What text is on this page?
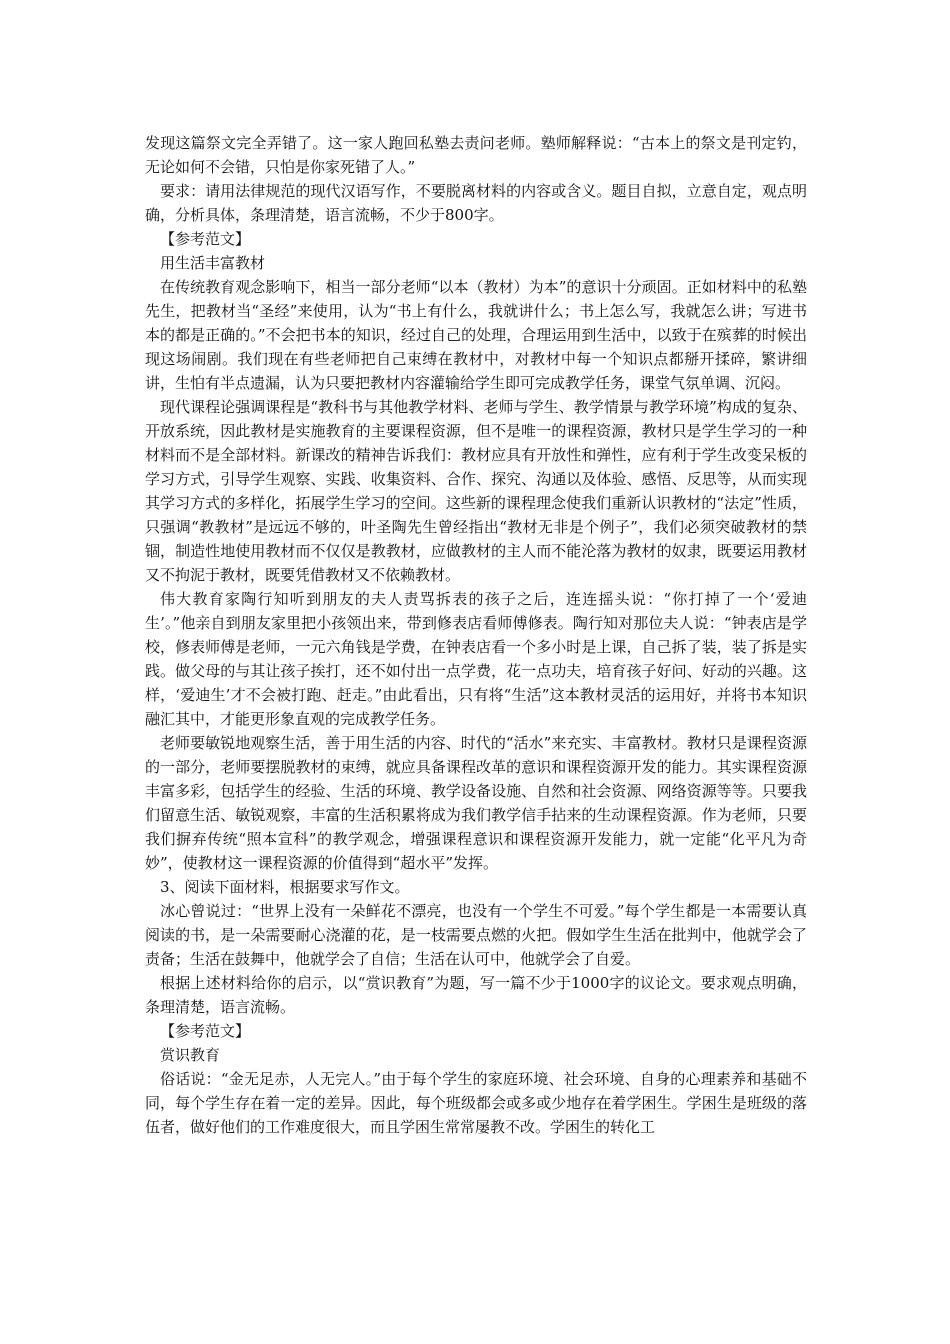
发现这篇祭文完全弄错了。这一家人跑回私塾去责问老师。塾师解释说：“古本上的祭文是刊定钓，无论如何不会错，只怕是你家死错了人。”

要求：请用法律规范的现代汉语写作，不要脱离材料的内容或含义。题目自拟，立意自定，观点明确，分析具体，条理清楚，语言流畅，不少于800字。

【参考范文】

用生活丰富教材

在传统教育观念影响下，相当一部分老师“以本（教材）为本”的意识十分顽固。正如材料中的私塾先生，把教材当“圣经”来使用，认为“书上有什么，我就讲什么；书上怎么写，我就怎么讲；写进书本的都是正确的。”不会把书本的知识，经过自己的处理，合理运用到生活中，以致于在殡葬的时候出现这场闹剧。我们现在有些老师把自己束缚在教材中，对教材中每一个知识点都掰开揉碎，繁讲细讲，生怕有半点遗漏，认为只要把教材内容灌输给学生即可完成教学任务，课堂气氛单调、沉闷。

现代课程论强调课程是“教科书与其他教学材料、老师与学生、教学情景与教学环境”构成的复杂、开放系统，因此教材是实施教育的主要课程资源，但不是唯一的课程资源，教材只是学生学习的一种材料而不是全部材料。新课改的精神告诉我们：教材应具有开放性和弹性，应有利于学生改变呆板的学习方式，引导学生观察、实践、收集资料、合作、探究、沟通以及体验、感悟、反思等，从而实现其学习方式的多样化，拓展学生学习的空间。这些新的课程理念使我们重新认识教材的“法定”性质，只强调“教教材”是远远不够的，叶圣陶先生曾经指出“教材无非是个例子”，我们必须突破教材的禁锢，制造性地使用教材而不仅仅是教教材，应做教材的主人而不能沦落为教材的奴隶，既要运用教材又不拘泥于教材，既要凭借教材又不依赖教材。

伟大教育家陶行知听到朋友的夫人责骂拆表的孩子之后，连连摇头说：“你打掉了一个‘爱迪生’。”他亲自到朋友家里把小孩领出来，带到修表店看师傅修表。陶行知对那位夫人说：“钟表店是学校，修表师傅是老师，一元六角钱是学费，在钟表店看一个多小时是上课，自己拆了装，装了拆是实践。做父母的与其让孩子挨打，还不如付出一点学费，花一点功夫，培育孩子好问、好动的兴趣。这样，‘爱迪生’才不会被打跑、赶走。”由此看出，只有将“生活”这本教材灵活的运用好，并将书本知识融汇其中，才能更形象直观的完成教学任务。

老师要敏锐地观察生活，善于用生活的内容、时代的“活水”来充实、丰富教材。教材只是课程资源的一部分，老师要摆脱教材的束缚，就应具备课程改革的意识和课程资源开发的能力。其实课程资源丰富多彩，包括学生的经验、生活的环境、教学设备设施、自然和社会资源、网络资源等等。只要我们留意生活、敏锐观察，丰富的生活积累将成为我们教学信手拈来的生动课程资源。作为老师，只要我们摒弃传统“照本宣科”的教学观念，增强课程意识和课程资源开发能力，就一定能“化平凡为奇妙”，使教材这一课程资源的价值得到“超水平”发挥。

3、阅读下面材料，根据要求写作文。

冰心曾说过：“世界上没有一朵鲜花不漂亮，也没有一个学生不可爱。”每个学生都是一本需要认真阅读的书，是一朵需要耐心浇灌的花，是一枝需要点燃的火把。假如学生生活在批判中，他就学会了责备；生活在鼓舞中，他就学会了自信；生活在认可中，他就学会了自爱。

根据上述材料给你的启示，以“赏识教育”为题，写一篇不少于1000字的议论文。要求观点明确，条理清楚，语言流畅。

【参考范文】

赏识教育

俗话说：“金无足赤，人无完人。”由于每个学生的家庭环境、社会环境、自身的心理素养和基础不同，每个学生存在着一定的差异。因此，每个班级都会或多或少地存在着学困生。学困生是班级的落伍者，做好他们的工作难度很大，而且学困生常常屡教不改。学困生的转化工
